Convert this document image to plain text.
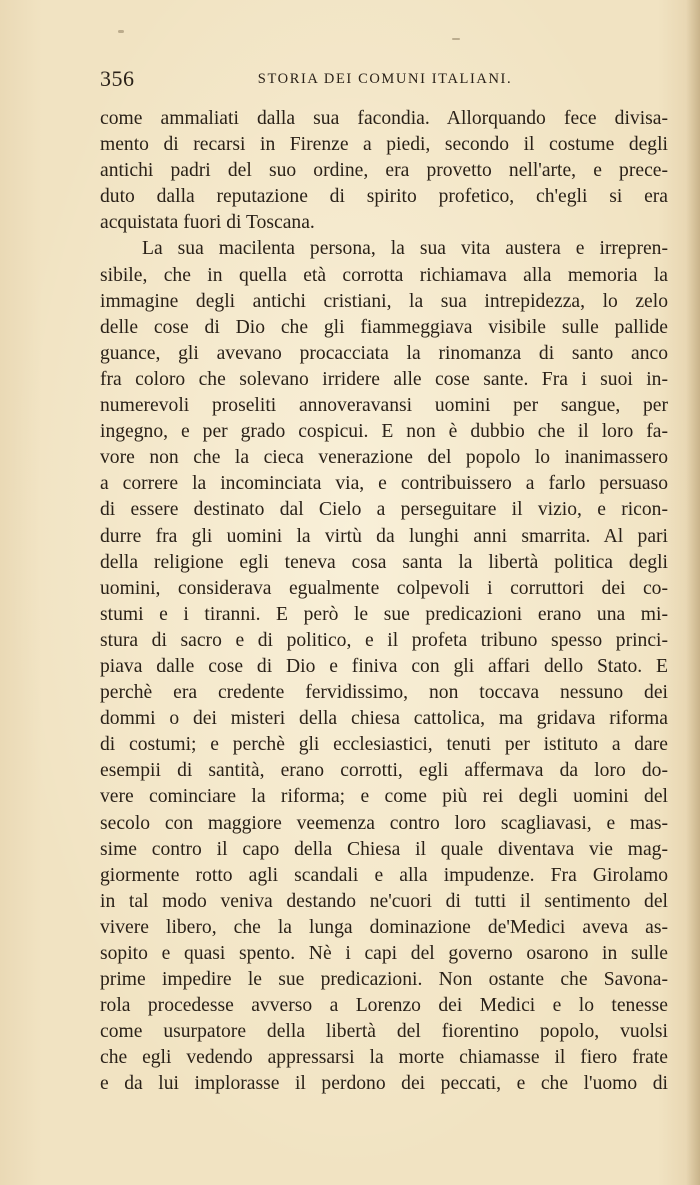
356	STORIA DEI COMUNI ITALIANI.
come ammaliati dalla sua facondia. Allorquando fece divisa-
mento di recarsi in Firenze a piedi, secondo il costume degli
antichi padri del suo ordine, era provetto nell'arte, e prece-
duto dalla reputazione di spirito profetico, ch'egli si era
acquistata fuori di Toscana.
La sua macilenta persona, la sua vita austera e irrepren-
sibile, che in quella età corrotta richiamava alla memoria la
immagine degli antichi cristiani, la sua intrepidezza, lo zelo
delle cose di Dio che gli fiammeggiava visibile sulle pallide
guance, gli avevano procacciata la rinomanza di santo anco
fra coloro che solevano irridere alle cose sante. Fra i suoi in-
numerevoli proseliti annoveravansi uomini per sangue, per
ingegno, e per grado cospicui. E non è dubbio che il loro fa-
vore non che la cieca venerazione del popolo lo inanimassero
a correre la incominciata via, e contribuissero a farlo persuaso
di essere destinato dal Cielo a perseguitare il vizio, e ricon-
durre fra gli uomini la virtù da lunghi anni smarrita. Al pari
della religione egli teneva cosa santa la libertà politica degli
uomini, considerava egualmente colpevoli i corruttori dei co-
stumi e i tiranni. E però le sue predicazioni erano una mi-
stura di sacro e di politico, e il profeta tribuno spesso princi-
piava dalle cose di Dio e finiva con gli affari dello Stato. E
perchè era credente fervidissimo, non toccava nessuno dei
dommi o dei misteri della chiesa cattolica, ma gridava riforma
di costumi; e perchè gli ecclesiastici, tenuti per istituto a dare
esempii di santità, erano corrotti, egli affermava da loro do-
vere cominciare la riforma; e come più rei degli uomini del
secolo con maggiore veemenza contro loro scagliavasi, e mas-
sime contro il capo della Chiesa il quale diventava vie mag-
giormente rotto agli scandali e alla impudenze. Fra Girolamo
in tal modo veniva destando ne'cuori di tutti il sentimento del
vivere libero, che la lunga dominazione de'Medici aveva as-
sopito e quasi spento. Nè i capi del governo osarono in sulle
prime impedire le sue predicazioni. Non ostante che Savona-
rola procedesse avverso a Lorenzo dei Medici e lo tenesse
come usurpatore della libertà del fiorentino popolo, vuolsi
che egli vedendo appressarsi la morte chiamasse il fiero frate
e da lui implorasse il perdono dei peccati, e che l'uomo di
